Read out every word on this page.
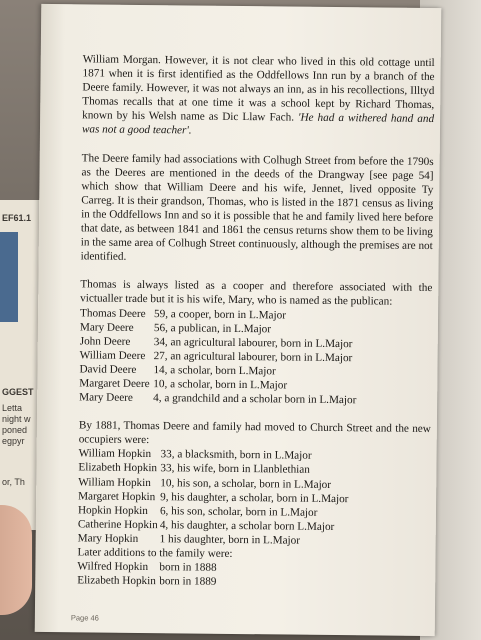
EF61.1
GGEST
Letta
night w
poned
egpyr
or, Th

William Morgan. However, it is not clear who lived in this old cottage until 1871 when it is first identified as the Oddfellows Inn run by a branch of the Deere family. However, it was not always an inn, as in his recollections, Illtyd Thomas recalls that at one time it was a school kept by Richard Thomas, known by his Welsh name as Dic Llaw Fach. 'He had a withered hand and was not a good teacher'.

The Deere family had associations with Colhugh Street from before the 1790s as the Deeres are mentioned in the deeds of the Drangway [see page 54] which show that William Deere and his wife, Jennet, lived opposite Ty Carreg. It is their grandson, Thomas, who is listed in the 1871 census as living in the Oddfellows Inn and so it is possible that he and family lived here before that date, as between 1841 and 1861 the census returns show them to be living in the same area of Colhugh Street continuously, although the premises are not identified.

Thomas is always listed as a cooper and therefore associated with the victualler trade but it is his wife, Mary, who is named as the publican:

Thomas Deere 59, a cooper, born in L.Major
Mary Deere	56, a publican, in L.Major
John Deere	34, an agricultural labourer, born in L.Major
William Deere 27, an agricultural labourer, born in L.Major
David Deere	14, a scholar, born L.Major
Margaret Deere 10, a scholar, born in L.Major
Mary Deere	4, a grandchild and a scholar born in L.Major

By 1881, Thomas Deere and family had moved to Church Street and the new occupiers were:

William Hopkin 33, a blacksmith, born in L.Major
Elizabeth Hopkin 33, his wife, born in Llanblethian
William Hopkin 10, his son, a scholar, born in L.Major
Margaret Hopkin 9, his daughter, a scholar, born in L.Major
Hopkin Hopkin	6, his son, scholar, born in L.Major
Catherine Hopkin 4, his daughter, a scholar born L.Major
Mary Hopkin	1 his daughter, born in L.Major

Later additions to the family were:

Wilfred Hopkin born in 1888
Elizabeth Hopkin born in 1889
Page 46
